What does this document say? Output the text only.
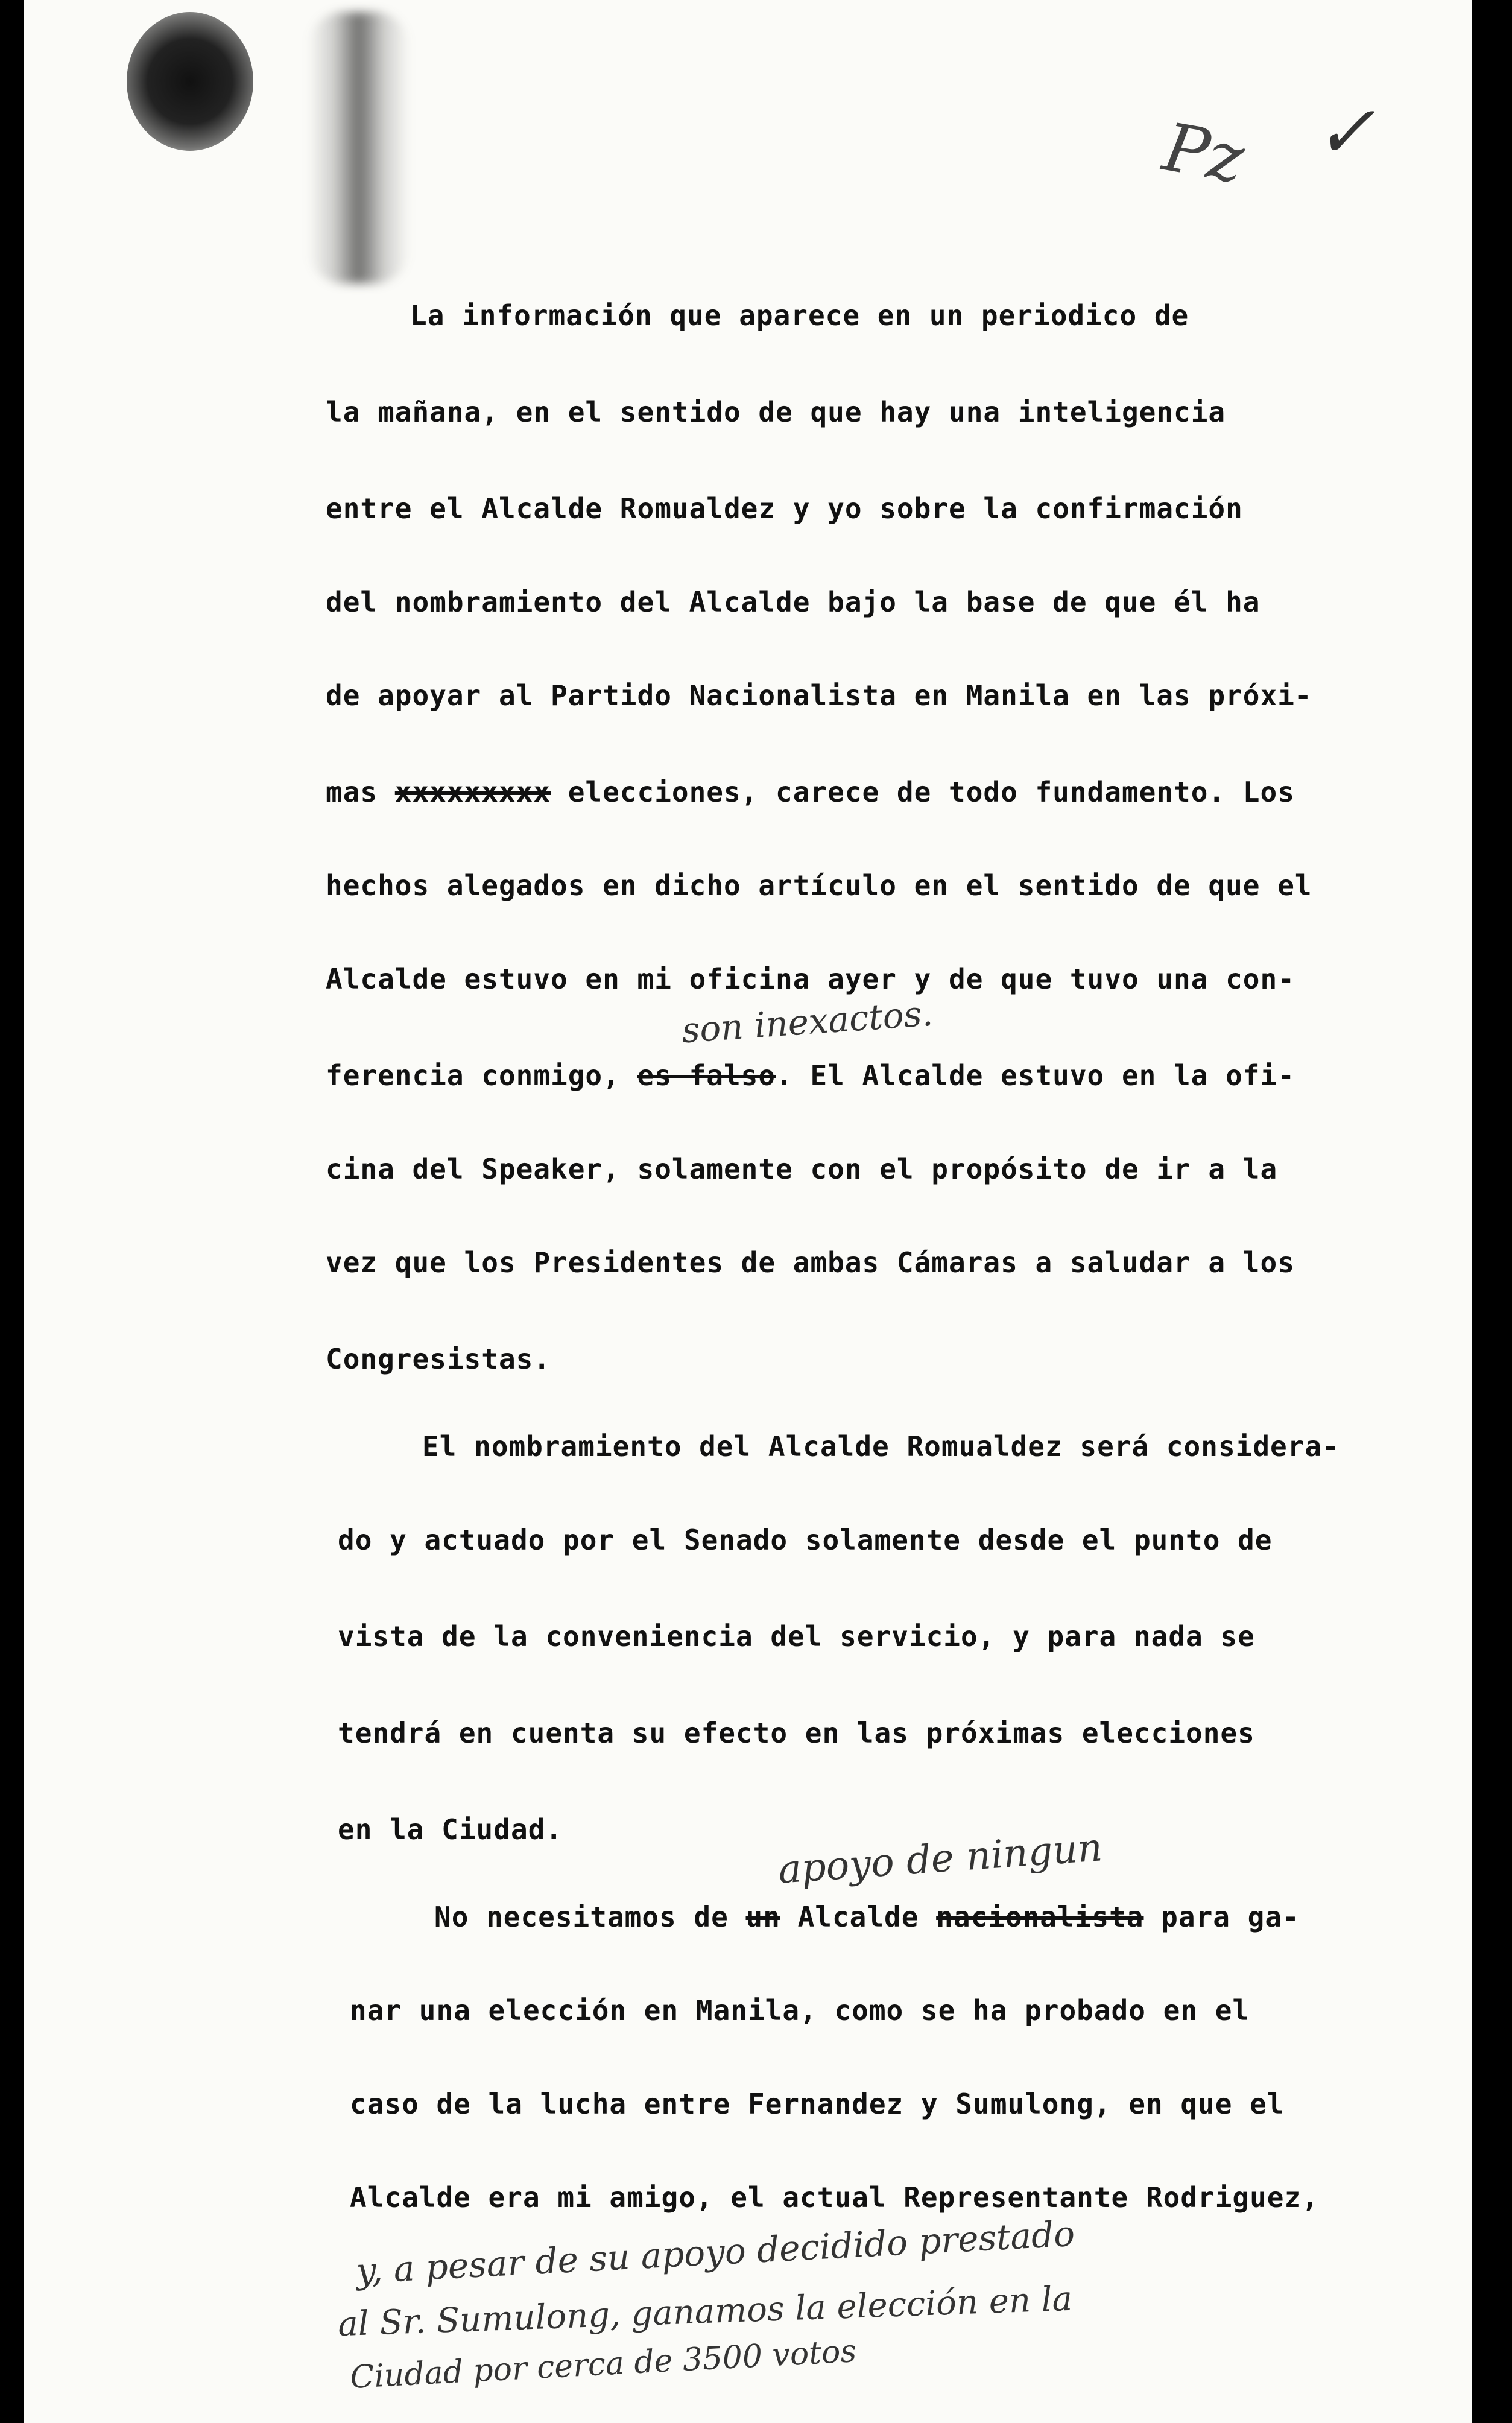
Pz ✓
La información que aparece en un periodico de
la mañana, en el sentido de que hay una inteligencia
entre el Alcalde Romualdez y yo sobre la confirmación
del nombramiento del Alcalde bajo la base de que él ha
de apoyar al Partido Nacionalista en Manila en las próxi-
mas xxxxxxxxx elecciones, carece de todo fundamento. Los
hechos alegados en dicho artículo en el sentido de que el
Alcalde estuvo en mi oficina ayer y de que tuvo una con-
son inexactos.
ferencia conmigo, es falso. El Alcalde estuvo en la ofi-
cina del Speaker, solamente con el propósito de ir a la
vez que los Presidentes de ambas Cámaras a saludar a los
Congresistas.
El nombramiento del Alcalde Romualdez será considera-
do y actuado por el Senado solamente desde el punto de
vista de la conveniencia del servicio, y para nada se
tendrá en cuenta su efecto en las próximas elecciones
en la Ciudad.	apoyo de ningun
No necesitamos de un Alcalde nacionalista para ga-
nar una elección en Manila, como se ha probado en el
caso de la lucha entre Fernandez y Sumulong, en que el
Alcalde era mi amigo, el actual Representante Rodriguez,
y, a pesar de su apoyo decidido prestado
al Sr. Sumulong, ganamos la elección en la
Ciudad por cerca de 3500 votos
